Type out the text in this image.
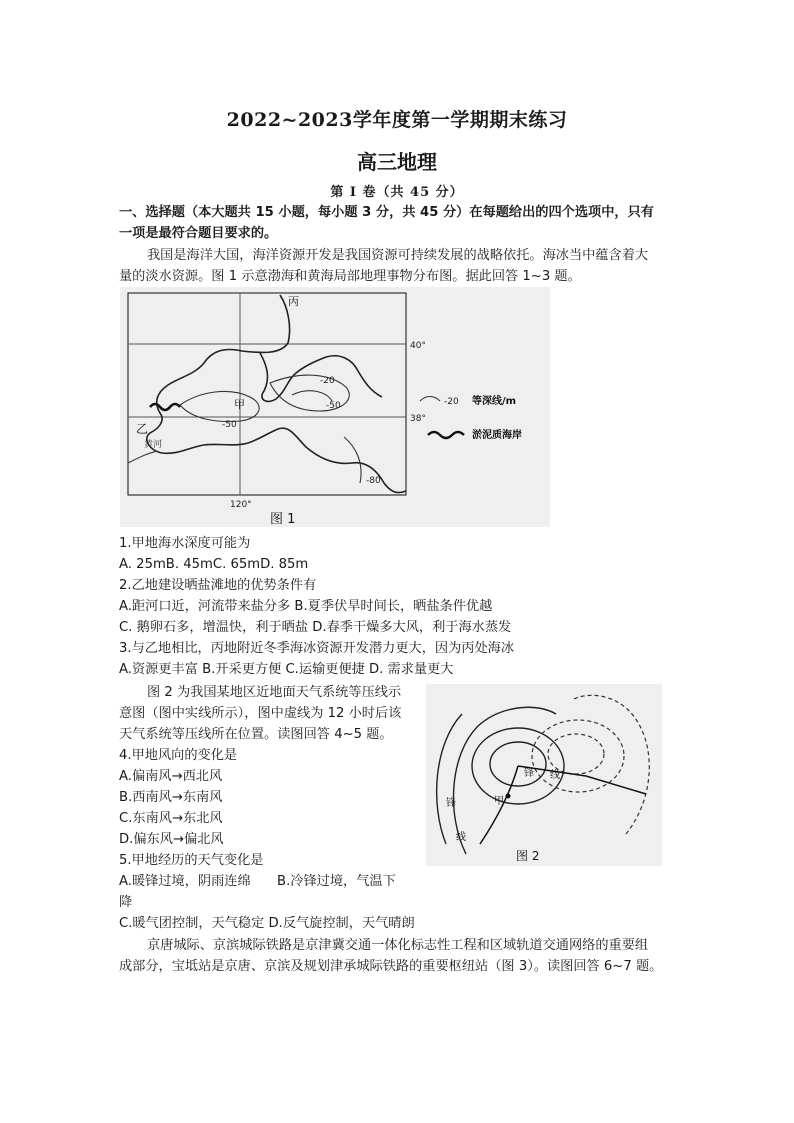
2022~2023学年度第一学期期末练习
高三地理
第 Ⅰ 卷（共 45 分）
一、选择题（本大题共 15 小题，每小题 3 分，共 45 分）在每题给出的四个选项中，只有
一项是最符合题目要求的。
我国是海洋大国，海洋资源开发是我国资源可持续发展的战略依托。海冰当中蕴含着大
量的淡水资源。图 1 示意渤海和黄海局部地理事物分布图。据此回答 1~3 题。
丙
甲
乙
40°
38°
120°
-20
-50
-50
-80
黄河
-20 等深线/m
淤泥质海岸
图 1
1.甲地海水深度可能为
A. 25mB. 45mC. 65mD. 85m
2.乙地建设晒盐滩地的优势条件有
A.距河口近，河流带来盐分多 B.夏季伏旱时间长，晒盐条件优越
C. 鹅卵石多，增温快，利于晒盐 D.春季干燥多大风，利于海水蒸发
3.与乙地相比，丙地附近冬季海冰资源开发潜力更大，因为丙处海冰
A.资源更丰富 B.开采更方便 C.运输更便捷 D. 需求量更大
图 2 为我国某地区近地面天气系统等压线示
意图（图中实线所示），图中虚线为 12 小时后该
天气系统等压线所在位置。读图回答 4~5 题。
锋 线
锋
线
甲
图 2
4.甲地风向的变化是
A.偏南风→西北风
B.西南风→东南风
C.东南风→东北风
D.偏东风→偏北风
5.甲地经历的天气变化是
A.暖锋过境，阴雨连绵　　B.冷锋过境，气温下
降
C.暖气团控制，天气稳定 D.反气旋控制，天气晴朗
京唐城际、京滨城际铁路是京津冀交通一体化标志性工程和区域轨道交通网络的重要组
成部分，宝坻站是京唐、京滨及规划津承城际铁路的重要枢纽站（图 3）。读图回答 6~7 题。
